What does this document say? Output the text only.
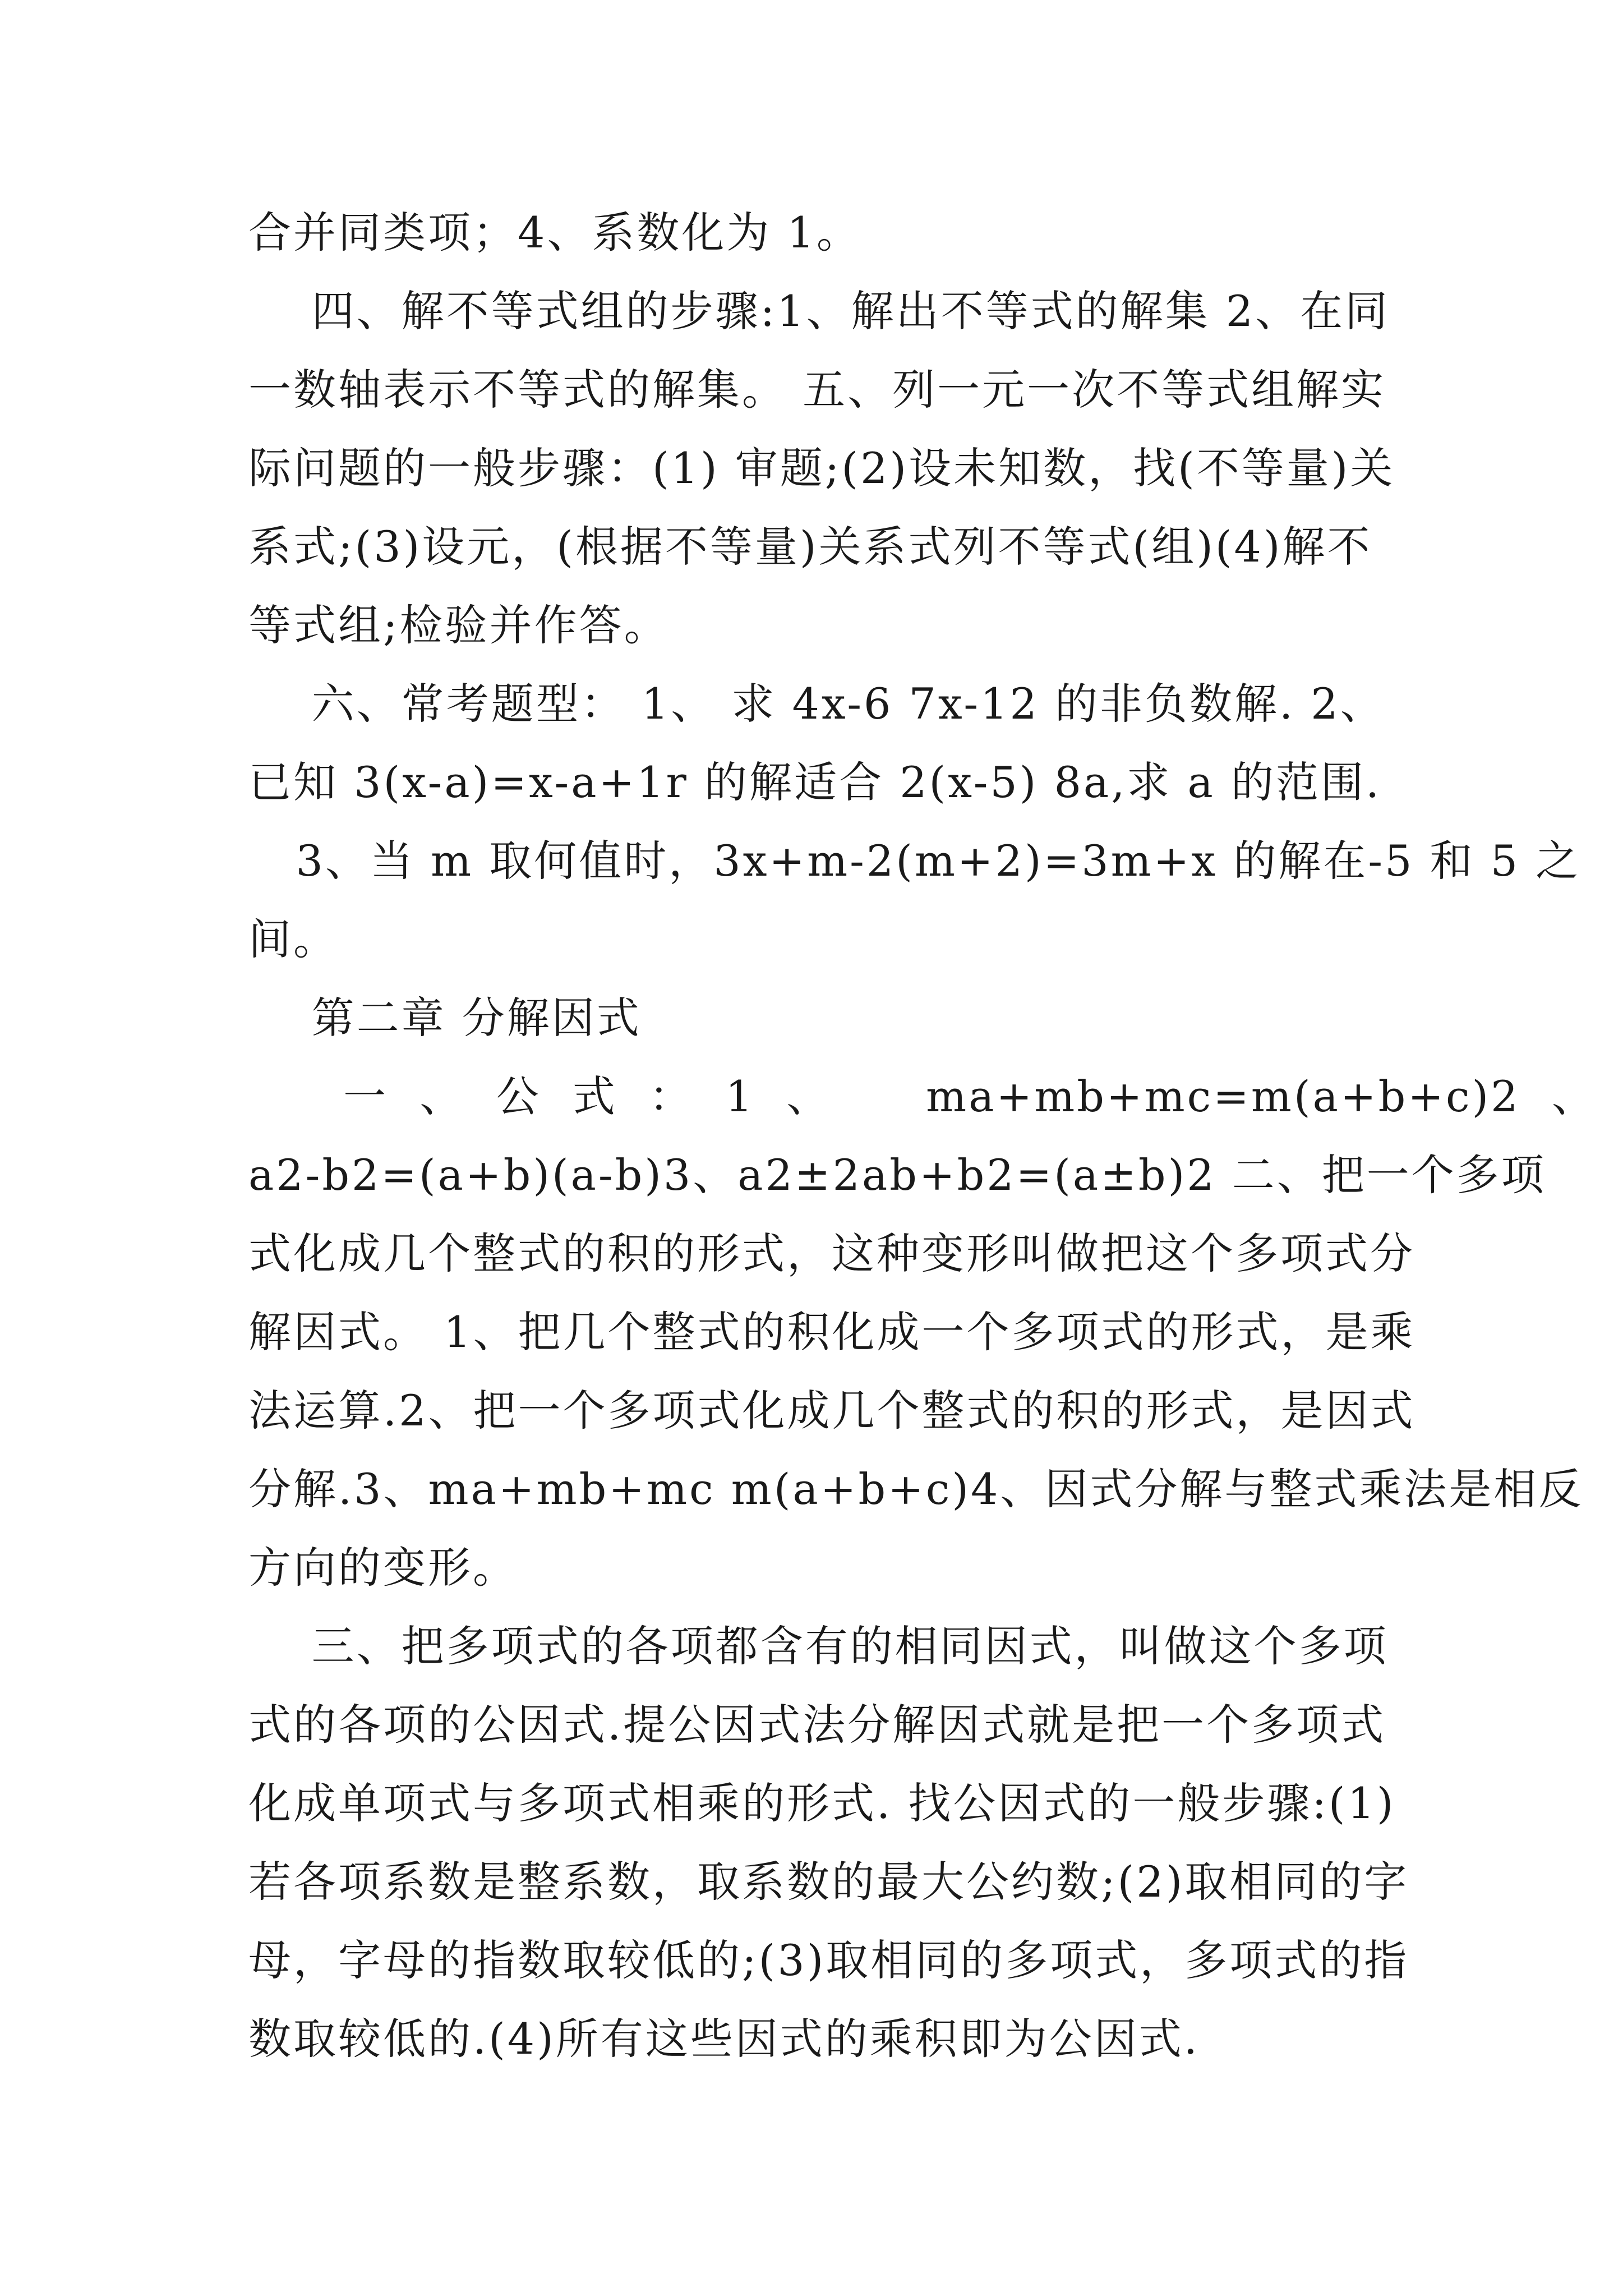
合并同类项；4、系数化为 1。
四、解不等式组的步骤:1、解出不等式的解集 2、在同
一数轴表示不等式的解集。 五、列一元一次不等式组解实
际问题的一般步骤：(1) 审题;(2)设未知数，找(不等量)关
系式;(3)设元，(根据不等量)关系式列不等式(组)(4)解不
等式组;检验并作答。
六、常考题型： 1、 求 4x-6 7x-12 的非负数解. 2、
已知 3(x-a)=x-a+1r 的解适合 2(x-5) 8a,求 a 的范围.
3、当 m 取何值时，3x+m-2(m+2)=3m+x 的解在-5 和 5 之
间。
第二章 分解因式
一  、  公  式  ：  1  、      ma+mb+mc=m(a+b+c)2  、
a2-b2=(a+b)(a-b)3、a2±2ab+b2=(a±b)2 二、把一个多项
式化成几个整式的积的形式，这种变形叫做把这个多项式分
解因式。 1、把几个整式的积化成一个多项式的形式，是乘
法运算.2、把一个多项式化成几个整式的积的形式，是因式
分解.3、ma+mb+mc m(a+b+c)4、因式分解与整式乘法是相反
方向的变形。
三、把多项式的各项都含有的相同因式，叫做这个多项
式的各项的公因式.提公因式法分解因式就是把一个多项式
化成单项式与多项式相乘的形式. 找公因式的一般步骤:(1)
若各项系数是整系数，取系数的最大公约数;(2)取相同的字
母，字母的指数取较低的;(3)取相同的多项式，多项式的指
数取较低的.(4)所有这些因式的乘积即为公因式.
